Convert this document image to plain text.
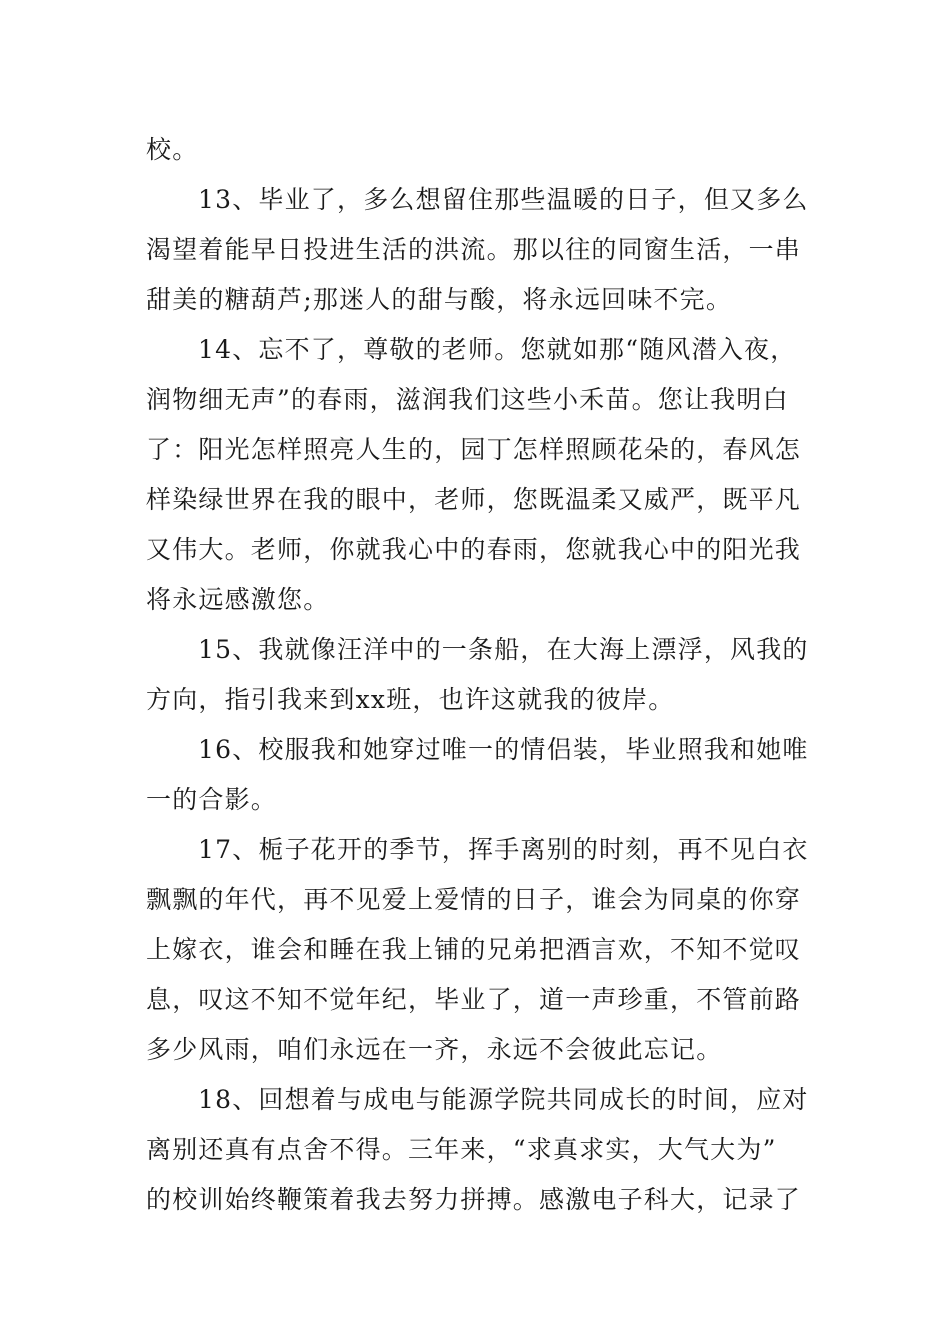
校。
13、毕业了，多么想留住那些温暖的日子，但又多么
渴望着能早日投进生活的洪流。那以往的同窗生活，一串
甜美的糖葫芦;那迷人的甜与酸，将永远回味不完。
14、忘不了，尊敬的老师。您就如那“随风潜入夜，
润物细无声”的春雨，滋润我们这些小禾苗。您让我明白
了：阳光怎样照亮人生的，园丁怎样照顾花朵的，春风怎
样染绿世界在我的眼中，老师，您既温柔又威严，既平凡
又伟大。老师，你就我心中的春雨，您就我心中的阳光我
将永远感激您。
15、我就像汪洋中的一条船，在大海上漂浮，风我的
方向，指引我来到xx班，也许这就我的彼岸。
16、校服我和她穿过唯一的情侣装，毕业照我和她唯
一的合影。
17、栀子花开的季节，挥手离别的时刻，再不见白衣
飘飘的年代，再不见爱上爱情的日子，谁会为同桌的你穿
上嫁衣，谁会和睡在我上铺的兄弟把酒言欢，不知不觉叹
息，叹这不知不觉年纪，毕业了，道一声珍重，不管前路
多少风雨，咱们永远在一齐，永远不会彼此忘记。
18、回想着与成电与能源学院共同成长的时间，应对
离别还真有点舍不得。三年来，“求真求实，大气大为”
的校训始终鞭策着我去努力拼搏。感激电子科大，记录了
